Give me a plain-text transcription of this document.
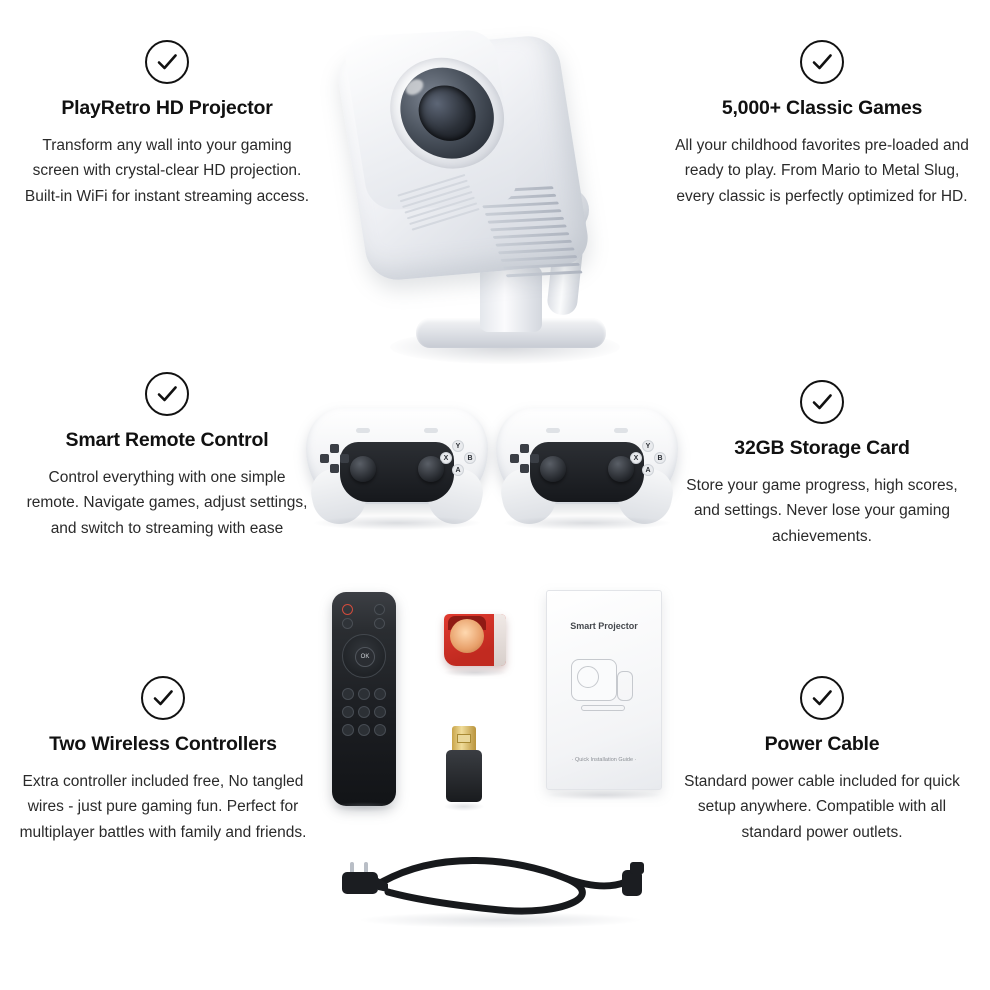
PlayRetro HD Projector

Transform any wall into your gaming screen with crystal-clear HD projection. Built-in WiFi for instant streaming access.

Smart Remote Control

Control everything with one simple remote. Navigate games, adjust settings, and switch to streaming with ease

Two Wireless Controllers

Extra controller included free, No tangled wires - just pure gaming fun. Perfect for multiplayer battles with family and friends.

5,000+ Classic Games

All your childhood favorites pre-loaded and ready to play. From Mario to Metal Slug, every classic is perfectly optimized for HD.

32GB Storage Card

Store your game progress, high scores, and settings. Never lose your gaming achievements.

Power Cable

Standard power cable included for quick setup anywhere. Compatible with all standard power outlets.

Y
X	B
A
Y
X	B
A
OK
Smart Projector
· Quick Installation Guide ·
